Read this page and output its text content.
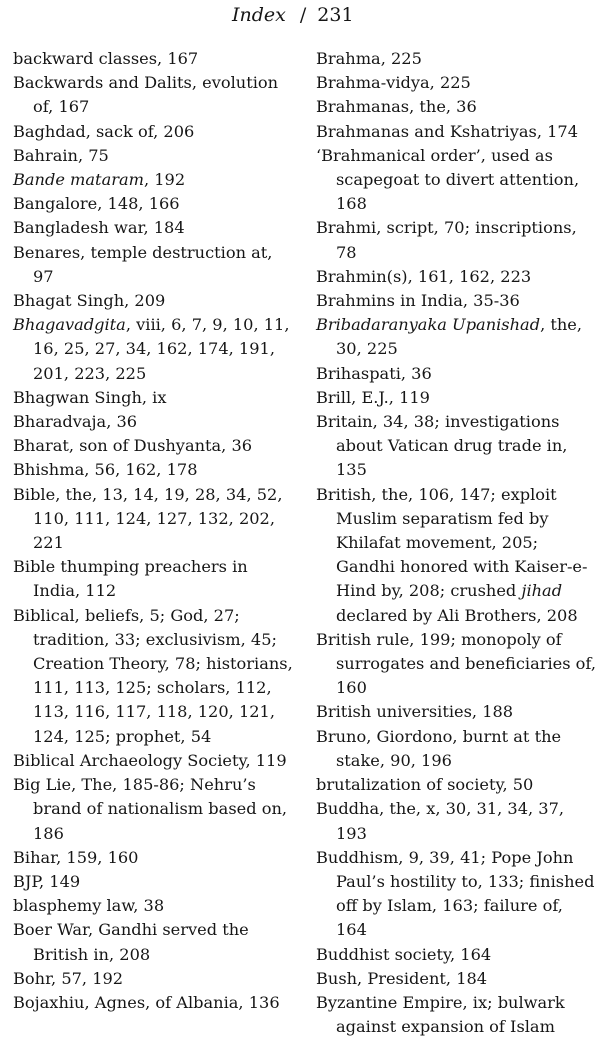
Index / 231
backward classes, 167
Backwards and Dalits, evolution of, 167
Baghdad, sack of, 206
Bahrain, 75
Bande mataram, 192
Bangalore, 148, 166
Bangladesh war, 184
Benares, temple destruction at, 97
Bhagat Singh, 209
Bhagavadgita, viii, 6, 7, 9, 10, 11, 16, 25, 27, 34, 162, 174, 191, 201, 223, 225
Bhagwan Singh, ix
Bharadvaja, 36
Bharat, son of Dushyanta, 36
Bhishma, 56, 162, 178
Bible, the, 13, 14, 19, 28, 34, 52, 110, 111, 124, 127, 132, 202, 221
Bible thumping preachers in India, 112
Biblical, beliefs, 5; God, 27; tradition, 33; exclusivism, 45; Creation Theory, 78; historians, 111, 113, 125; scholars, 112, 113, 116, 117, 118, 120, 121, 124, 125; prophet, 54
Biblical Archaeology Society, 119
Big Lie, The, 185-86; Nehru’s brand of nationalism based on, 186
Bihar, 159, 160
BJP, 149
blasphemy law, 38
Boer War, Gandhi served the British in, 208
Bohr, 57, 192
Bojaxhiu, Agnes, of Albania, 136
Brahma, 225
Brahma-vidya, 225
Brahmanas, the, 36
Brahmanas and Kshatriyas, 174
‘Brahmanical order’, used as scapegoat to divert attention, 168
Brahmi, script, 70; inscriptions, 78
Brahmin(s), 161, 162, 223
Brahmins in India, 35-36
Bribadaranyaka Upanishad, the, 30, 225
Brihaspati, 36
Brill, E.J., 119
Britain, 34, 38; investigations about Vatican drug trade in, 135
British, the, 106, 147; exploit Muslim separatism fed by Khilafat movement, 205; Gandhi honored with Kaiser-e-Hind by, 208; crushed jihad declared by Ali Brothers, 208
British rule, 199; monopoly of surrogates and beneficiaries of, 160
British universities, 188
Bruno, Giordono, burnt at the stake, 90, 196
brutalization of society, 50
Buddha, the, x, 30, 31, 34, 37, 193
Buddhism, 9, 39, 41; Pope John Paul’s hostility to, 133; finished off by Islam, 163; failure of, 164
Buddhist society, 164
Bush, President, 184
Byzantine Empire, ix; bulwark against expansion of Islam
